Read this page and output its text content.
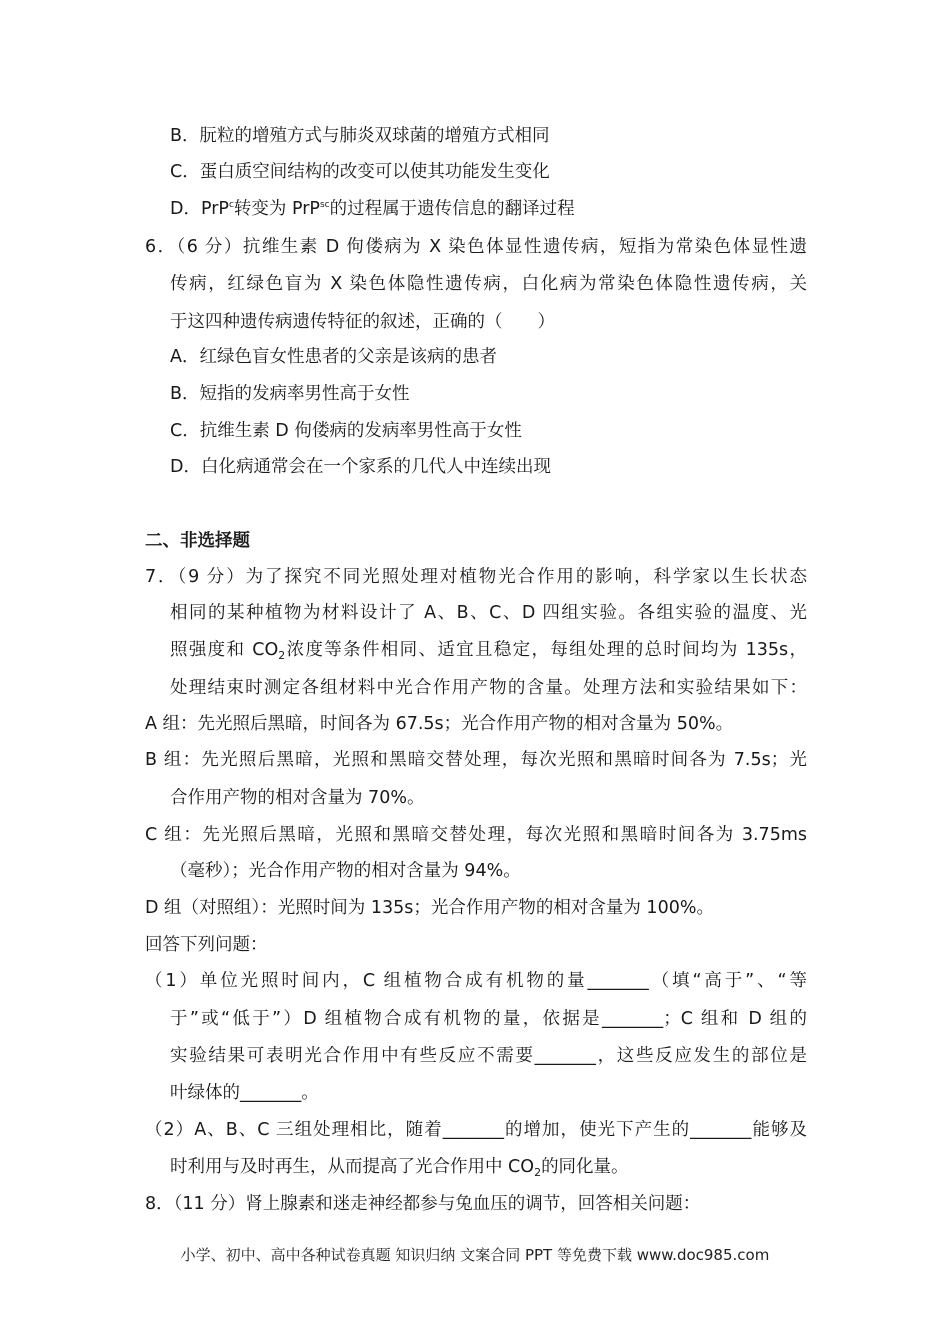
B．朊粒的增殖方式与肺炎双球菌的增殖方式相同
C．蛋白质空间结构的改变可以使其功能发生变化
D．PrP$^c$转变为 PrP$^{sc}$的过程属于遗传信息的翻译过程
6．（6 分）抗维生素 D 佝偻病为 X 染色体显性遗传病，短指为常染色体显性遗
传病，红绿色盲为 X 染色体隐性遗传病，白化病为常染色体隐性遗传病，关
于这四种遗传病遗传特征的叙述，正确的（　　）
A．红绿色盲女性患者的父亲是该病的患者
B．短指的发病率男性高于女性
C．抗维生素 D 佝偻病的发病率男性高于女性
D．白化病通常会在一个家系的几代人中连续出现
二、非选择题
7．（9 分）为了探究不同光照处理对植物光合作用的影响，科学家以生长状态
相同的某种植物为材料设计了 A、B、C、D 四组实验。各组实验的温度、光
照强度和 $CO_2$浓度等条件相同、适宜且稳定，每组处理的总时间均为 135s，
处理结束时测定各组材料中光合作用产物的含量。处理方法和实验结果如下：
A 组：先光照后黑暗，时间各为 67.5s；光合作用产物的相对含量为 50%。
B 组：先光照后黑暗，光照和黑暗交替处理，每次光照和黑暗时间各为 7.5s；光
合作用产物的相对含量为 70%。
C 组：先光照后黑暗，光照和黑暗交替处理，每次光照和黑暗时间各为 3.75ms
（毫秒）；光合作用产物的相对含量为 94%。
D 组（对照组）：光照时间为 135s；光合作用产物的相对含量为 100%。
回答下列问题：
（1）单位光照时间内，C 组植物合成有机物的量_______（填“高于”、“等
于”或“低于”）D 组植物合成有机物的量，依据是_______；C 组和 D 组的
实验结果可表明光合作用中有些反应不需要_______，这些反应发生的部位是
叶绿体的_______。
（2）A、B、C 三组处理相比，随着_______的增加，使光下产生的_______能够及
时利用与及时再生，从而提高了光合作用中 $CO_2$的同化量。
8．（11 分）肾上腺素和迷走神经都参与兔血压的调节，回答相关问题：
小学、初中、高中各种试卷真题 知识归纳 文案合同 PPT 等免费下载 www.doc985.com
